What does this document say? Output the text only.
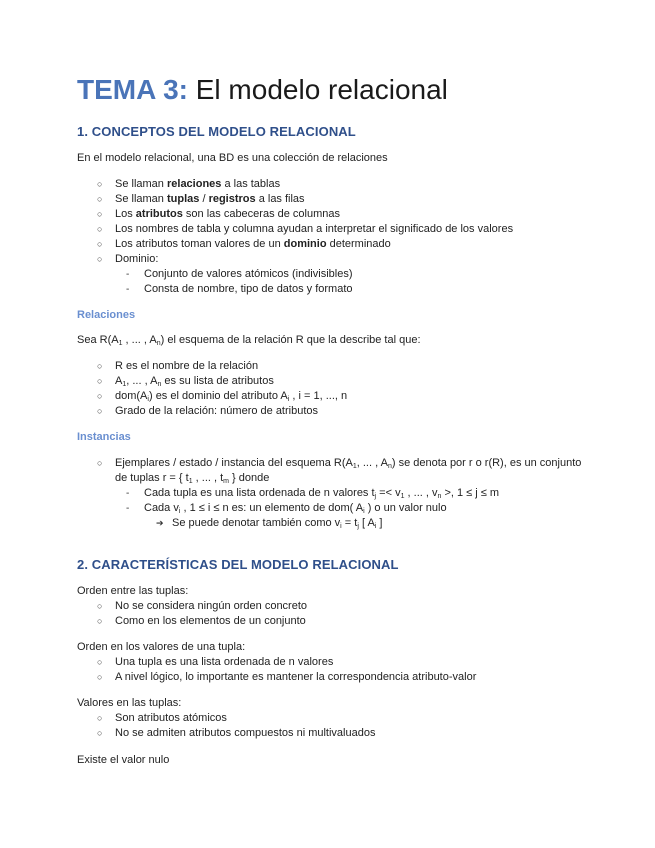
TEMA 3: El modelo relacional
1. CONCEPTOS DEL MODELO RELACIONAL

En el modelo relacional, una BD es una colección de relaciones

○ Se llaman relaciones a las tablas

○ Se llaman tuplas / registros a las filas

○ Los atributos son las cabeceras de columnas

○ Los nombres de tabla y columna ayudan a interpretar el significado de los valores

○ Los atributos toman valores de un dominio determinado

○ Dominio:

- Conjunto de valores atómicos (indivisibles)

- Consta de nombre, tipo de datos y formato

Relaciones

Sea $R(A_1$ , ... , $A_n$) el esquema de la relación R que la describe tal que:

○ R es el nombre de la relación

○ $A_1$, ... , $A_n$ es su lista de atributos

○ $dom(A_i)$ es el dominio del atributo $A_i$ , i = 1, ..., n

○ Grado de la relación: número de atributos

Instancias
○ Ejemplares / estado / instancia del esquema $R(A_1$, ... , $A_n$) se denota por r o r(R), es un conjunto de tuplas r = { $t_1$ , ... , $t_m$ } donde

- Cada tupla es una lista ordenada de n valores $t_j =< v_1$ , ... , $v_n$ >, 1 ≤ j ≤ m

- Cada $v_i$ , 1 ≤ i ≤ n es: un elemento de dom( $A_i$ ) o un valor nulo

➔ Se puede denotar también como $v_i = t_j$ [ $A_i$ ]

2. CARACTERÍSTICAS DEL MODELO RELACIONAL

Orden entre las tuplas:

○ No se considera ningún orden concreto

○ Como en los elementos de un conjunto

Orden en los valores de una tupla:

○ Una tupla es una lista ordenada de n valores

○ A nivel lógico, lo importante es mantener la correspondencia atributo-valor

Valores en las tuplas:

○ Son atributos atómicos

○ No se admiten atributos compuestos ni multivaluados

Existe el valor nulo
